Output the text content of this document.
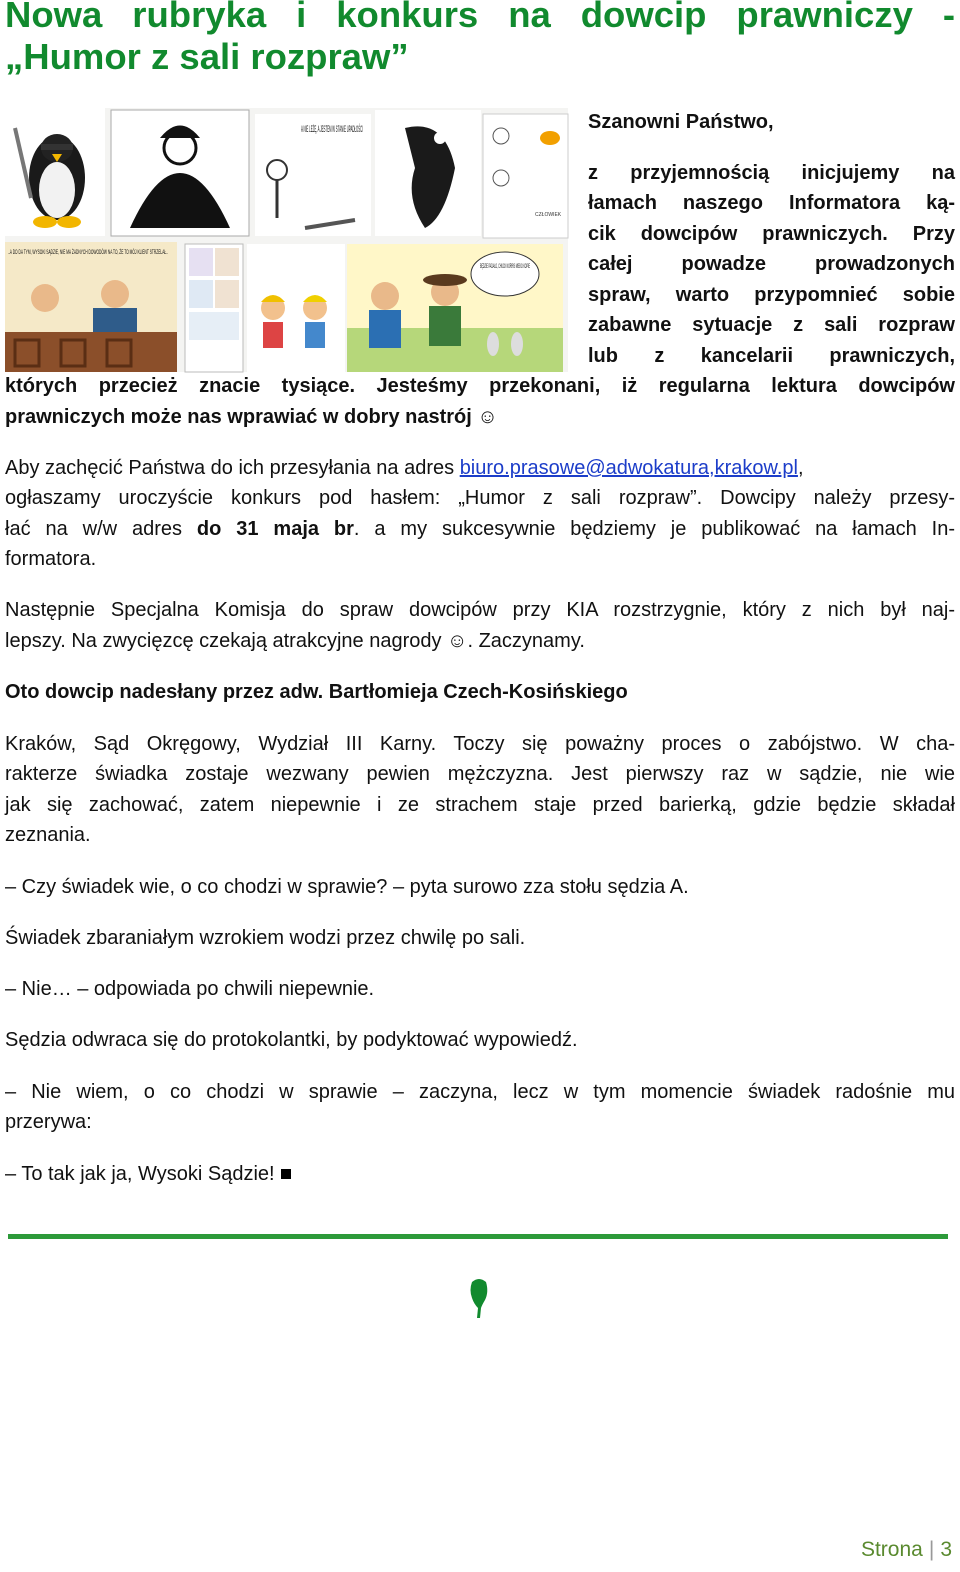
Nowa rubryka i konkurs na dowcip prawniczy -
„Humor z sali rozpraw”
CZŁOWIEK
..A DO DA TYM, WYSOKI SĄDZIE, NIE MA ŻADNYCH DOWODÓW NA TO, ŻE TO MÓJ KLIENT STRZELAŁ..
BĘDZIE PADAŁO, CHUCK NORRIS MIEKO KOPIE

Szanowni Państwo,

z przyjemnością inicjujemy na

łamach naszego Informatora ką-

cik dowcipów prawniczych. Przy

całej powadze prowadzonych

spraw, warto przypomnieć sobie

zabawne sytuacje z sali rozpraw

lub z kancelarii prawniczych,

których przecież znacie tysiące. Jesteśmy przekonani, iż regularna lektura dowcipów

prawniczych może nas wprawiać w dobry nastrój ☺

Aby zachęcić Państwa do ich przesyłania na adres biuro.prasowe@adwokatura,krakow.pl,

ogłaszamy uroczyście konkurs pod hasłem: „Humor z sali rozpraw”. Dowcipy należy przesy-

łać na w/w adres do 31 maja br. a my sukcesywnie będziemy je publikować na łamach In-

formatora.

Następnie Specjalna Komisja do spraw dowcipów przy KIA rozstrzygnie, który z nich był naj-

lepszy. Na zwycięzcę czekają atrakcyjne nagrody ☺. Zaczynamy.

Oto dowcip nadesłany przez adw. Bartłomieja Czech-Kosińskiego

Kraków, Sąd Okręgowy, Wydział III Karny. Toczy się poważny proces o zabójstwo. W cha-

rakterze świadka zostaje wezwany pewien mężczyzna. Jest pierwszy raz w sądzie, nie wie

jak się zachować, zatem niepewnie i ze strachem staje przed barierką, gdzie będzie składał

zeznania.

– Czy świadek wie, o co chodzi w sprawie? – pyta surowo zza stołu sędzia A.

Świadek zbaraniałym wzrokiem wodzi przez chwilę po sali.

– Nie… – odpowiada po chwili niepewnie.

Sędzia odwraca się do protokolantki, by podyktować wypowiedź.

– Nie wiem, o co chodzi w sprawie – zaczyna, lecz w tym momencie świadek radośnie mu

przerywa:

– To tak jak ja, Wysoki Sądzie!

Strona | 3
